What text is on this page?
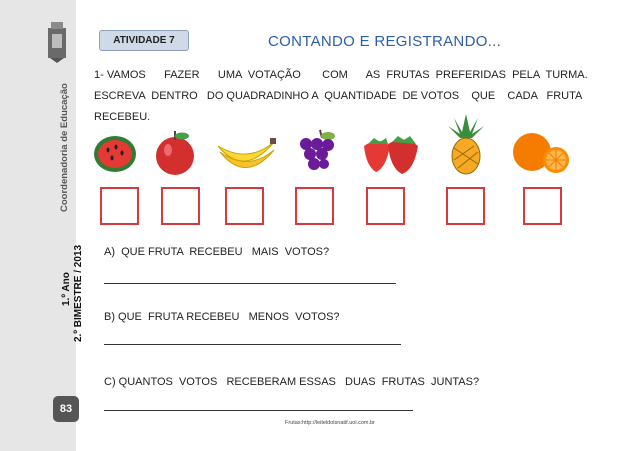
Coordenadoria de Educação
2.º BIMESTRE / 2013
1.º Ano
83
ATIVIDADE 7	CONTANDO E REGISTRANDO...
1- VAMOS      FAZER      UMA  VOTAÇÃO       COM      AS  FRUTAS  PREFERIDAS  PELA  TURMA.
ESCREVA  DENTRO   DO QUADRADINHO A  QUANTIDADE  DE VOTOS    QUE    CADA   FRUTA
RECEBEU.
A)  QUE FRUTA  RECEBEU   MAIS  VOTOS?
B) QUE  FRUTA RECEBEU   MENOS  VOTOS?
C) QUANTOS  VOTOS   RECEBERAM ESSAS   DUAS  FRUTAS  JUNTAS?
Frutas:http://leiteldoisnatif.uol.com.br
